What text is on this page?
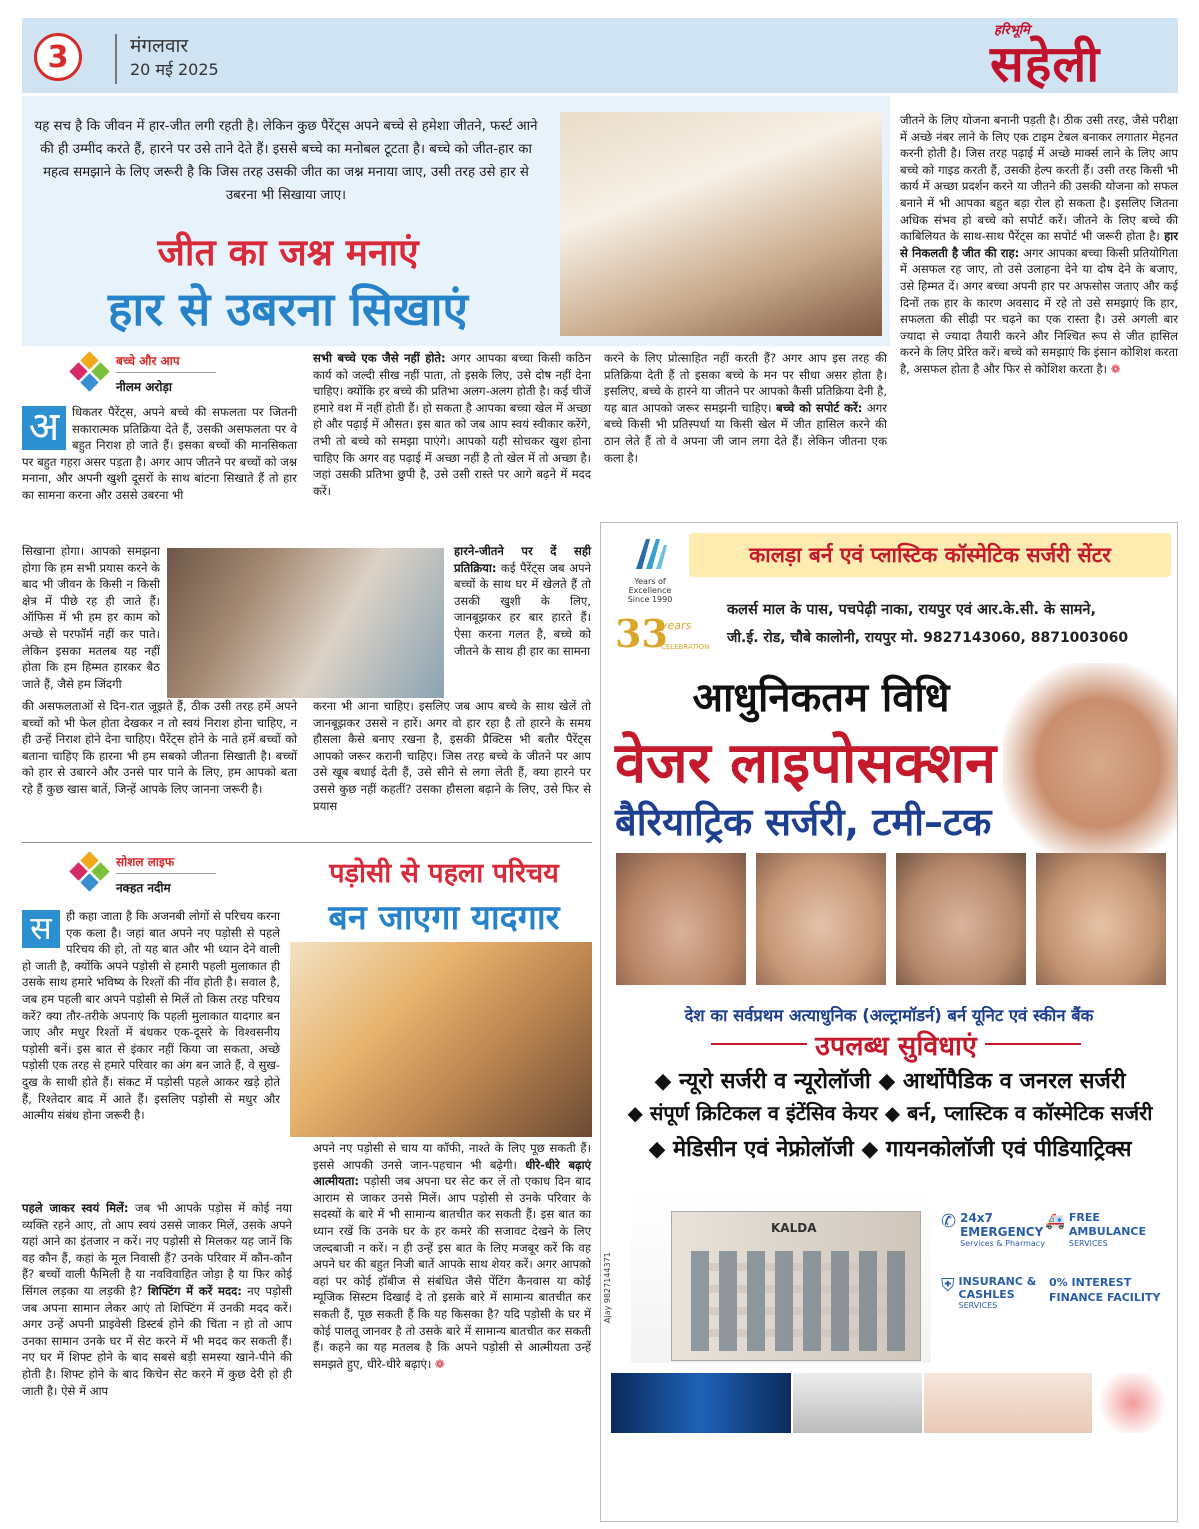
3	मंगलवार
20 मई 2025
हरिभूमि
सहेली
यह सच है कि जीवन में हार-जीत लगी रहती है। लेकिन कुछ पैरेंट्स अपने बच्चे से हमेशा जीतने, फर्स्ट आने की ही उम्मीद करते हैं, हारने पर उसे ताने देते हैं। इससे बच्चे का मनोबल टूटता है। बच्चे को जीत-हार का महत्व समझाने के लिए जरूरी है कि जिस तरह उसकी जीत का जश्न मनाया जाए, उसी तरह उसे हार से उबरना भी सिखाया जाए।
जीत का जश्न मनाएं
हार से उबरना सिखाएं
जीतने के लिए योजना बनानी पड़ती है। ठीक उसी तरह, जैसे परीक्षा में अच्छे नंबर लाने के लिए एक टाइम टेबल बनाकर लगातार मेहनत करनी होती है। जिस तरह पढ़ाई में अच्छे मार्क्स लाने के लिए आप बच्चे को गाइड करती हैं, उसकी हेल्प करती हैं। उसी तरह किसी भी कार्य में अच्छा प्रदर्शन करने या जीतने की उसकी योजना को सफल बनाने में भी आपका बहुत बड़ा रोल हो सकता है। इसलिए जितना अधिक संभव हो बच्चे को सपोर्ट करें। जीतने के लिए बच्चे की काबिलियत के साथ-साथ पैरेंट्स का सपोर्ट भी जरूरी होता है। हार से निकलती है जीत की राह: अगर आपका बच्चा किसी प्रतियोगिता में असफल रह जाए, तो उसे उलाहना देने या दोष देने के बजाए, उसे हिम्मत दें। अगर बच्चा अपनी हार पर अफसोस जताए और कई दिनों तक हार के कारण अवसाद में रहे तो उसे समझाएं कि हार, सफलता की सीढ़ी पर चढ़ने का एक रास्ता है। उसे अगली बार ज्यादा से ज्यादा तैयारी करने और निश्चित रूप से जीत हासिल करने के लिए प्रेरित करें। बच्चे को समझाएं कि इंसान कोशिश करता है, असफल होता है और फिर से कोशिश करता है। ❁
बच्चे और आप
नीलम अरोड़ा
अ	धिकतर पैरेंट्स, अपने बच्चे की सफलता पर जितनी सकारात्मक प्रतिक्रिया देते हैं, उसकी असफलता पर वे बहुत निराश हो जाते हैं। इसका बच्चों की मानसिकता पर बहुत गहरा असर पड़ता है। अगर आप जीतने पर बच्चों को जश्न मनाना, और अपनी खुशी दूसरों के साथ बांटना सिखाते हैं तो हार का सामना करना और उससे उबरना भी
सिखाना होगा। आपको समझना होगा कि हम सभी प्रयास करने के बाद भी जीवन के किसी न किसी क्षेत्र में पीछे रह ही जाते हैं। ऑफिस में भी हम हर काम को अच्छे से परफॉर्म नहीं कर पाते। लेकिन इसका मतलब यह नहीं होता कि हम हिम्मत हारकर बैठ जाते हैं, जैसे हम जिंदगी
की असफलताओं से दिन-रात जूझते हैं, ठीक उसी तरह हमें अपने बच्चों को भी फेल होता देखकर न तो स्वयं निराश होना चाहिए, न ही उन्हें निराश होने देना चाहिए। पैरेंट्स होने के नाते हमें बच्चों को बताना चाहिए कि हारना भी हम सबको जीतना सिखाती है। बच्चों को हार से उबारने और उनसे पार पाने के लिए, हम आपको बता रहे हैं कुछ खास बातें, जिन्हें आपके लिए जानना जरूरी है।
सभी बच्चे एक जैसे नहीं होते: अगर आपका बच्चा किसी कठिन कार्य को जल्दी सीख नहीं पाता, तो इसके लिए, उसे दोष नहीं देना चाहिए। क्योंकि हर बच्चे की प्रतिभा अलग-अलग होती है। कई चीजें हमारे वश में नहीं होती हैं। हो सकता है आपका बच्चा खेल में अच्छा हो और पढ़ाई में औसत। इस बात को जब आप स्वयं स्वीकार करेंगे, तभी तो बच्चे को समझा पाएंगे। आपको यही सोचकर खुश होना चाहिए कि अगर वह पढ़ाई में अच्छा नहीं है तो खेल में तो अच्छा है। जहां उसकी प्रतिभा छुपी है, उसे उसी रास्ते पर आगे बढ़ने में मदद करें।
हारने-जीतने पर दें सही प्रतिक्रिया: कई पैरेंट्स जब अपने बच्चों के साथ घर में खेलते हैं तो उसकी खुशी के लिए, जानबूझकर हर बार हारते हैं। ऐसा करना गलत है, बच्चे को जीतने के साथ ही हार का सामना
करना भी आना चाहिए। इसलिए जब आप बच्चे के साथ खेलें तो जानबूझकर उससे न हारें। अगर वो हार रहा है तो हारने के समय हौसला कैसे बनाए रखना है, इसकी प्रैक्टिस भी बतौर पैरेंट्स आपको जरूर करानी चाहिए। जिस तरह बच्चे के जीतने पर आप उसे खूब बधाई देती हैं, उसे सीने से लगा लेती हैं, क्या हारने पर उससे कुछ नहीं कहतीं? उसका हौसला बढ़ाने के लिए, उसे फिर से प्रयास
करने के लिए प्रोत्साहित नहीं करती हैं? अगर आप इस तरह की प्रतिक्रिया देती हैं तो इसका बच्चे के मन पर सीधा असर होता है। इसलिए, बच्चे के हारने या जीतने पर आपको कैसी प्रतिक्रिया देनी है, यह बात आपको जरूर समझनी चाहिए। बच्चे को सपोर्ट करें: अगर बच्चे किसी भी प्रतिस्पर्धा या किसी खेल में जीत हासिल करने की ठान लेते हैं तो वे अपना जी जान लगा देते हैं। लेकिन जीतना एक कला है।
सोशल लाइफ
नक्हत नदीम	पड़ोसी से पहला परिचय
बन जाएगा यादगार
स	ही कहा जाता है कि अजनबी लोगों से परिचय करना एक कला है। जहां बात अपने नए पड़ोसी से पहले परिचय की हो, तो यह बात और भी ध्यान देने वाली हो जाती है, क्योंकि अपने पड़ोसी से हमारी पहली मुलाकात ही उसके साथ हमारे भविष्य के रिश्तों की नींव होती है। सवाल है, जब हम पहली बार अपने पड़ोसी से मिलें तो किस तरह परिचय करें? क्या तौर-तरीके अपनाएं कि पहली मुलाकात यादगार बन जाए और मधुर रिश्तों में बंधकर एक-दूसरे के विश्वसनीय पड़ोसी बनें। इस बात से इंकार नहीं किया जा सकता, अच्छे पड़ोसी एक तरह से हमारे परिवार का अंग बन जाते हैं, वे सुख-दुख के साथी होते हैं। संकट में पड़ोसी पहले आकर खड़े होते हैं, रिश्तेदार बाद में आते हैं। इसलिए पड़ोसी से मधुर और आत्मीय संबंध होना जरूरी है।
पहले जाकर स्वयं मिलें: जब भी आपके पड़ोस में कोई नया व्यक्ति रहने आए, तो आप स्वयं उससे जाकर मिलें, उसके अपने यहां आने का इंतजार न करें। नए पड़ोसी से मिलकर यह जानें कि वह कौन हैं, कहां के मूल निवासी हैं? उनके परिवार में कौन-कौन हैं? बच्चों वाली फैमिली है या नवविवाहित जोड़ा है या फिर कोई सिंगल लड़का या लड़की है? शिफ्टिंग में करें मदद: नए पड़ोसी जब अपना सामान लेकर आएं तो शिफ्टिंग में उनकी मदद करें। अगर उन्हें अपनी प्राइवेसी डिस्टर्ब होने की चिंता न हो तो आप उनका सामान उनके घर में सेट करने में भी मदद कर सकती हैं। नए घर में शिफ्ट होने के बाद सबसे बड़ी समस्या खाने-पीने की होती है। शिफ्ट होने के बाद किचेन सेट करने में कुछ देरी हो ही जाती है। ऐसे में आप
अपने नए पड़ोसी से चाय या कॉफी, नाश्ते के लिए पूछ सकती हैं। इससे आपकी उनसे जान-पहचान भी बढ़ेगी। धीरे-धीरे बढ़ाएं आत्मीयता: पड़ोसी जब अपना घर सेट कर लें तो एकाध दिन बाद आराम से जाकर उनसे मिलें। आप पड़ोसी से उनके परिवार के सदस्यों के बारे में भी सामान्य बातचीत कर सकती हैं। इस बात का ध्यान रखें कि उनके घर के हर कमरे की सजावट देखने के लिए जल्दबाजी न करें। न ही उन्हें इस बात के लिए मजबूर करें कि वह अपने घर की बहुत निजी बातें आपके साथ शेयर करें। अगर आपको वहां पर कोई हॉबीज से संबंधित जैसे पेंटिंग कैनवास या कोई म्यूजिक सिस्टम दिखाई दे तो इसके बारे में सामान्य बातचीत कर सकती हैं, पूछ सकती हैं कि यह किसका है? यदि पड़ोसी के घर में कोई पालतू जानवर है तो उसके बारे में सामान्य बातचीत कर सकती हैं। कहने का यह मतलब है कि अपने पड़ोसी से आत्मीयता उन्हें समझते हुए, धीरे-धीरे बढ़ाएं। ❁
Years of Excellence
Since 1990
कालड़ा बर्न एवं प्लास्टिक कॉस्मेटिक सर्जरी सेंटर
33
years
CELEBRATION
कलर्स माल के पास, पचपेढ़ी नाका, रायपुर एवं आर.के.सी. के सामने,
जी.ई. रोड, चौबे कालोनी, रायपुर मो. 9827143060, 8871003060
आधुनिकतम विधि
वेजर लाइपोसक्शन
बैरियाट्रिक सर्जरी, टमी–टक
देश का सर्वप्रथम अत्याधुनिक (अल्ट्रामॉडर्न) बर्न यूनिट एवं स्कीन बैंक
उपलब्ध सुविधाएं
◆ न्यूरो सर्जरी व न्यूरोलॉजी ◆ आर्थोपैडिक व जनरल सर्जरी
◆ संपूर्ण क्रिटिकल व इंटेंसिव केयर ◆ बर्न, प्लास्टिक व कॉस्मेटिक सर्जरी
◆ मेडिसीन एवं नेफ्रोलॉजी ◆ गायनकोलॉजी एवं पीडियाट्रिक्स
KALDA
Ajay 9827144371
✆ 24x7 EMERGENCY
Services & Pharmacy
🚑 FREE AMBULANCE
SERVICES
⛨ INSURANC & CASHLES
SERVICES
0% INTEREST FINANCE FACILITY
